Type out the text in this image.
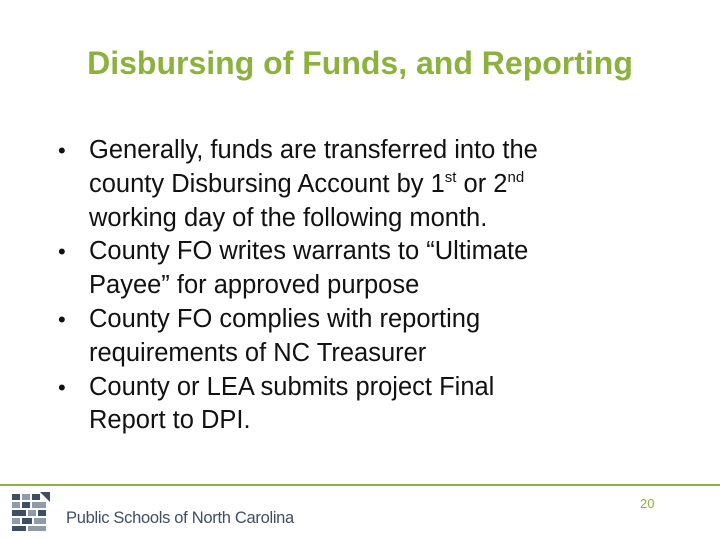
Disbursing of Funds, and Reporting
• Generally, funds are transferred into the
county Disbursing Account by 1st or 2nd
working day of the following month.
• County FO writes warrants to “Ultimate
Payee” for approved purpose
• County FO complies with reporting
requirements of NC Treasurer
• County or LEA submits project Final
Report to DPI.
Public Schools of North Carolina
20
